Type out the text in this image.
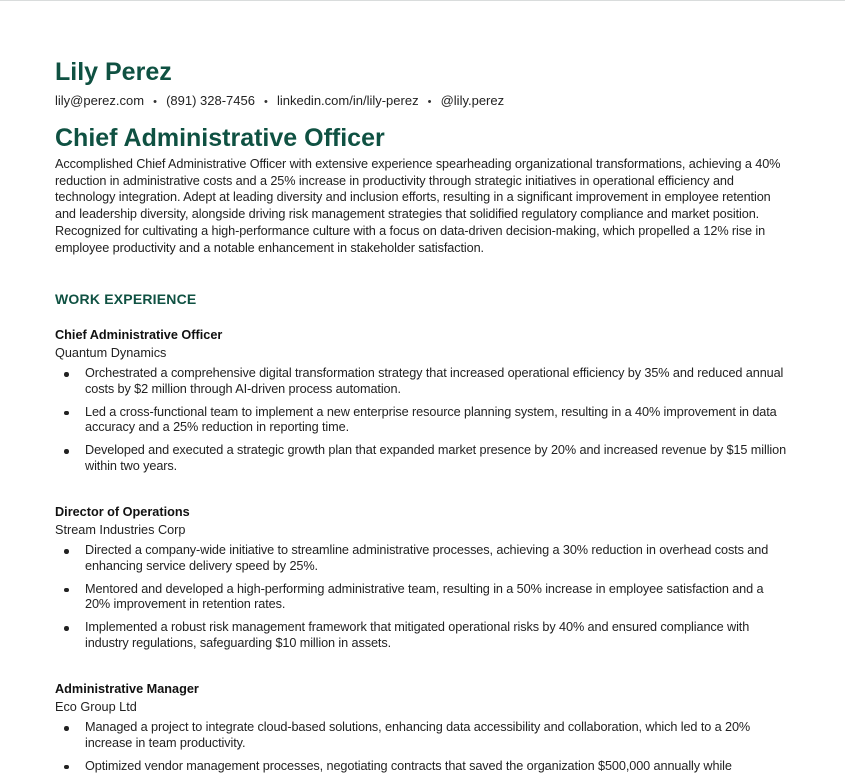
Lily Perez
lily@perez.com • (891) 328-7456 • linkedin.com/in/lily-perez • @lily.perez
Chief Administrative Officer

Accomplished Chief Administrative Officer with extensive experience spearheading organizational transformations, achieving a 40% reduction in administrative costs and a 25% increase in productivity through strategic initiatives in operational efficiency and technology integration. Adept at leading diversity and inclusion efforts, resulting in a significant improvement in employee retention and leadership diversity, alongside driving risk management strategies that solidified regulatory compliance and market position. Recognized for cultivating a high-performance culture with a focus on data-driven decision-making, which propelled a 12% rise in employee productivity and a notable enhancement in stakeholder satisfaction.

WORK EXPERIENCE
Chief Administrative Officer
Quantum Dynamics
Orchestrated a comprehensive digital transformation strategy that increased operational efficiency by 35% and reduced annual costs by $2 million through AI-driven process automation.
Led a cross-functional team to implement a new enterprise resource planning system, resulting in a 40% improvement in data accuracy and a 25% reduction in reporting time.
Developed and executed a strategic growth plan that expanded market presence by 20% and increased revenue by $15 million within two years.
Director of Operations
Stream Industries Corp
Directed a company-wide initiative to streamline administrative processes, achieving a 30% reduction in overhead costs and enhancing service delivery speed by 25%.
Mentored and developed a high-performing administrative team, resulting in a 50% increase in employee satisfaction and a 20% improvement in retention rates.
Implemented a robust risk management framework that mitigated operational risks by 40% and ensured compliance with industry regulations, safeguarding $10 million in assets.
Administrative Manager
Eco Group Ltd
Managed a project to integrate cloud-based solutions, enhancing data accessibility and collaboration, which led to a 20% increase in team productivity.
Optimized vendor management processes, negotiating contracts that saved the organization $500,000 annually while
